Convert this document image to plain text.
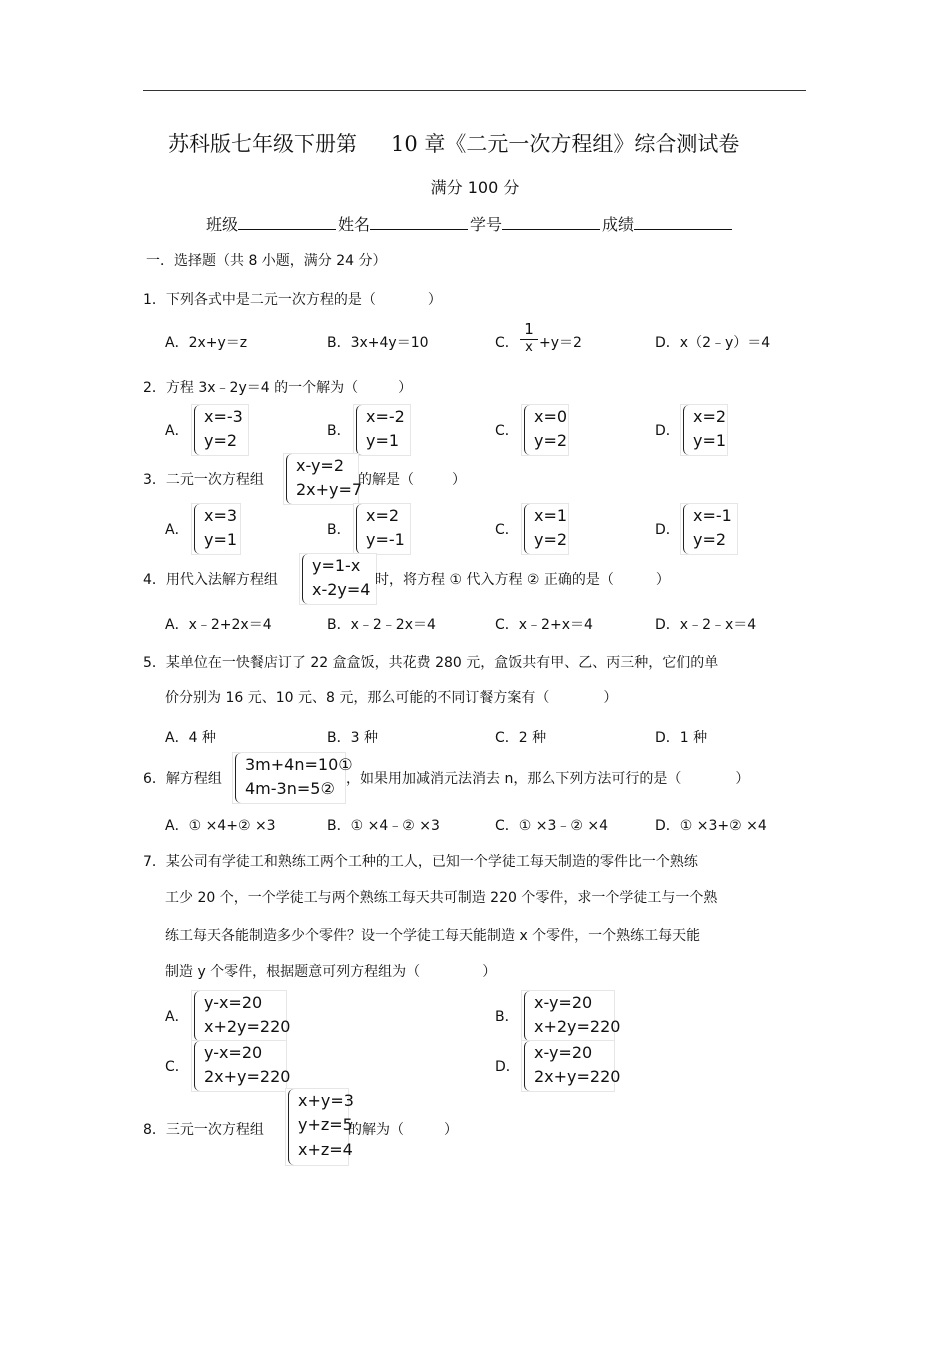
苏科版七年级下册第 10 章《二元一次方程组》综合测试卷
满分 100 分
班级	姓名	学号	成绩
一．选择题（共 8 小题，满分 24 分）
1．下列各式中是二元一次方程的是（	）
A．2x+y＝z	B．3x+4y＝10	C． $\frac{1}{x} +y=2$	D．x（2﹣y）＝4
2．方程 3x﹣2y＝4 的一个解为（	）
A．
x=-3
y=2	B．
x=-2
y=1	C．
x=0
y=2	D．
x=2
y=1
3．二元一次方程组
x-y=2
2x+y=7
的解是（	）
A．
x=3
y=1	B．
x=2
y=-1	C．
x=1
y=2	D．
x=-1
y=2
4．用代入法解方程组
y=1-x
x-2y=4 时，将方程 ① 代入方程 ② 正确的是（	）
A．x﹣2+2x＝4	B．x﹣2﹣2x＝4	C．x﹣2+x＝4	D．x﹣2﹣x＝4
5．某单位在一快餐店订了 22 盒盒饭，共花费 280 元，盒饭共有甲、乙、丙三种，它们的单
价分别为 16 元、10 元、8 元，那么可能的不同订餐方案有（	）
A．4 种	B．3 种	C．2 种	D．1 种
6．解方程组
3m+4n=10①
4m-3n=5② ，如果用加减消元法消去 n，那么下列方法可行的是（	）
A．① ×4+② ×3	B．① ×4﹣② ×3	C．① ×3﹣② ×4	D．① ×3+② ×4
7．某公司有学徒工和熟练工两个工种的工人，已知一个学徒工每天制造的零件比一个熟练
工少 20 个，一个学徒工与两个熟练工每天共可制造 220 个零件，求一个学徒工与一个熟
练工每天各能制造多少个零件？设一个学徒工每天能制造 x 个零件，一个熟练工每天能
制造 y 个零件，根据题意可列方程组为（	）
A．
y-x=20
x+2y=220	B．
x-y=20
x+2y=220
C．
y-x=20
2x+y=220	D．
x-y=20
2x+y=220
8．三元一次方程组
x+y=3
y+z=5
x+z=4
的解为（	）
